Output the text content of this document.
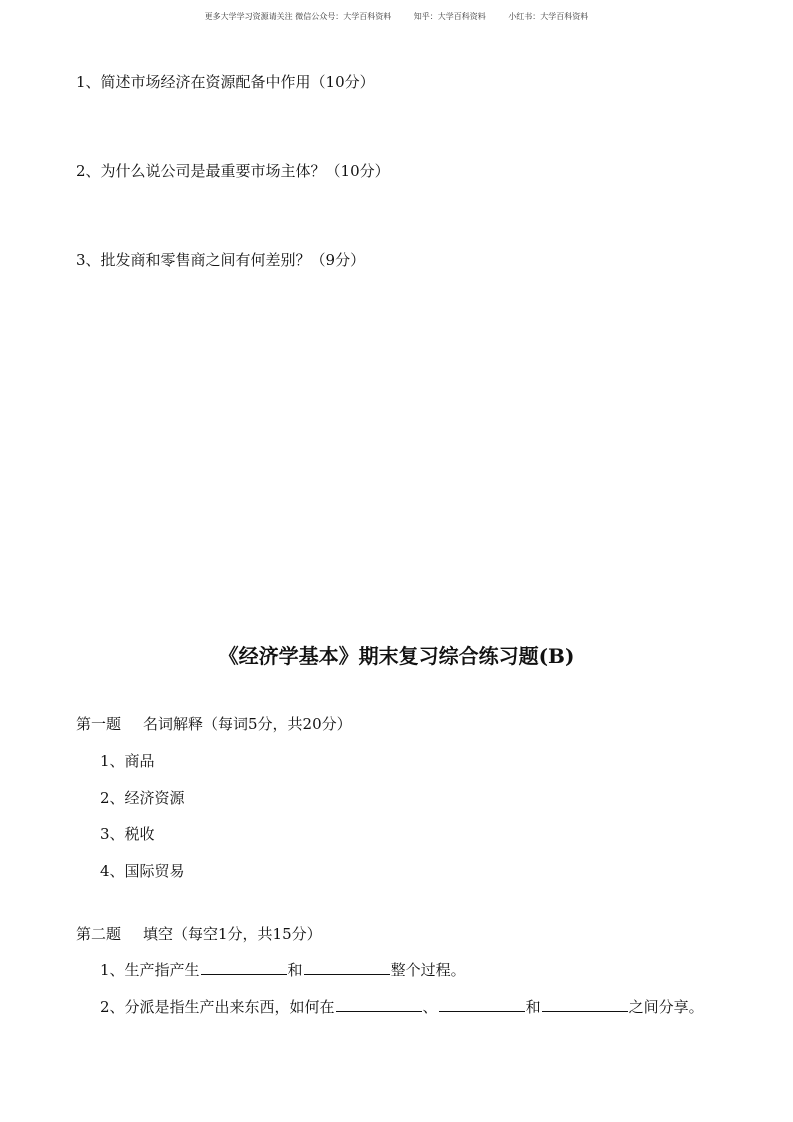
更多大学学习资源请关注 微信公众号：大学百科资料	知乎：大学百科资料	小红书：大学百科资料
1、简述市场经济在资源配备中作用（10分）
2、为什么说公司是最重要市场主体？（10分）
3、批发商和零售商之间有何差别？（9分）
《经济学基本》期末复习综合练习题(B)
第一题 名词解释（每词5分，共20分）
1、商品
2、经济资源
3、税收
4、国际贸易
第二题 填空（每空1分，共15分）
1、生产指产生	和	整个过程。
2、分派是指生产出来东西，如何在	、	和	之间分享。
